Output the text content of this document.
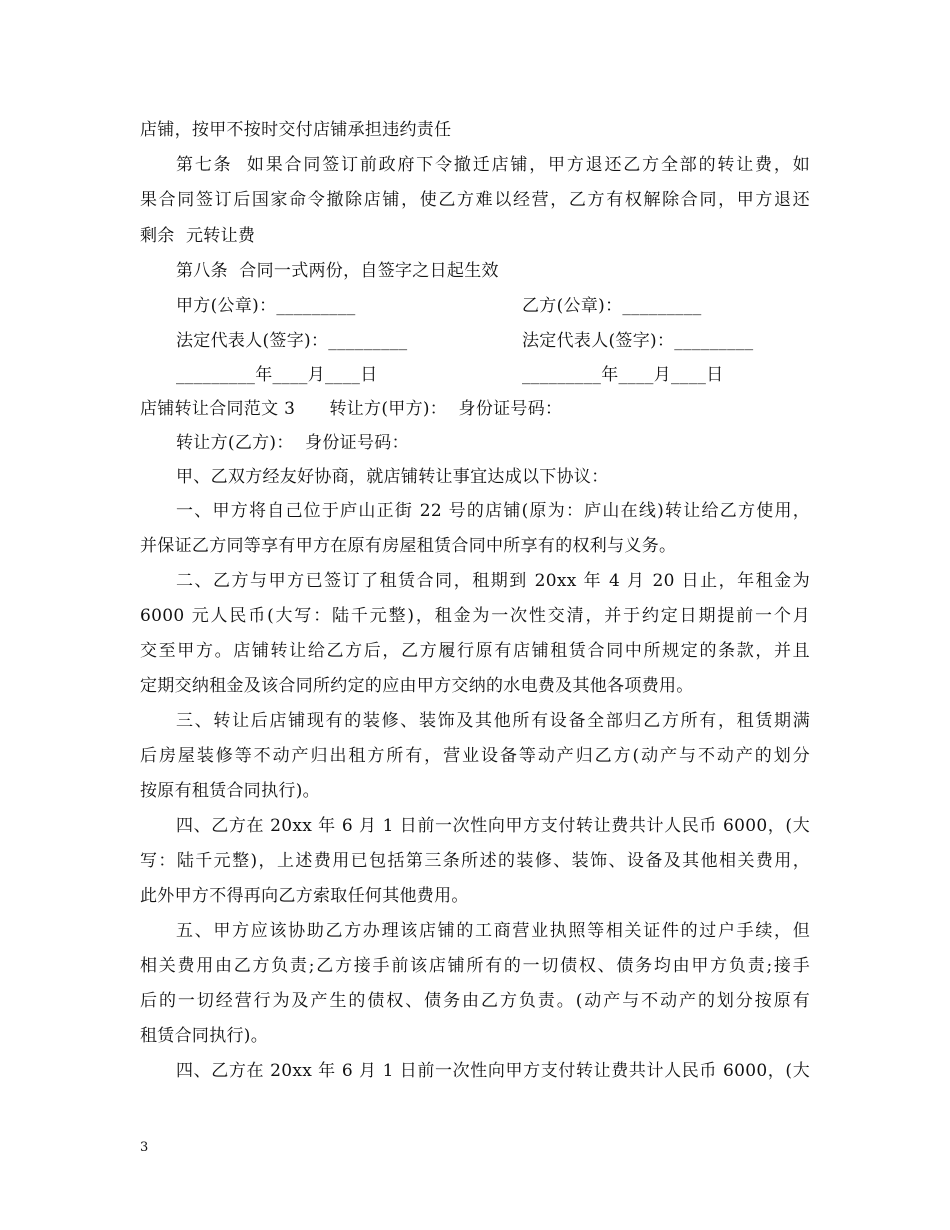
店铺，按甲不按时交付店铺承担违约责任
第七条  如果合同签订前政府下令撤迁店铺，甲方退还乙方全部的转让费，如
果合同签订后国家命令撤除店铺，使乙方难以经营，乙方有权解除合同，甲方退还
剩余  元转让费
第八条  合同一式两份，自签字之日起生效
甲方(公章)：_________	乙方(公章)：_________
法定代表人(签字)：_________	法定代表人(签字)：_________
_________年____月____日	_________年____月____日
店铺转让合同范文 3      转让方(甲方)：  身份证号码：
转让方(乙方)：  身份证号码：
甲、乙双方经友好协商，就店铺转让事宜达成以下协议：
一、甲方将自己位于庐山正街 22 号的店铺(原为：庐山在线)转让给乙方使用，
并保证乙方同等享有甲方在原有房屋租赁合同中所享有的权利与义务。
二、乙方与甲方已签订了租赁合同，租期到 20xx 年 4 月 20 日止，年租金为
6000 元人民币(大写：陆千元整)，租金为一次性交清，并于约定日期提前一个月
交至甲方。店铺转让给乙方后，乙方履行原有店铺租赁合同中所规定的条款，并且
定期交纳租金及该合同所约定的应由甲方交纳的水电费及其他各项费用。
三、转让后店铺现有的装修、装饰及其他所有设备全部归乙方所有，租赁期满
后房屋装修等不动产归出租方所有，营业设备等动产归乙方(动产与不动产的划分
按原有租赁合同执行)。
四、乙方在 20xx 年 6 月 1 日前一次性向甲方支付转让费共计人民币 6000，(大
写：陆千元整)，上述费用已包括第三条所述的装修、装饰、设备及其他相关费用，
此外甲方不得再向乙方索取任何其他费用。
五、甲方应该协助乙方办理该店铺的工商营业执照等相关证件的过户手续，但
相关费用由乙方负责;乙方接手前该店铺所有的一切债权、债务均由甲方负责;接手
后的一切经营行为及产生的债权、债务由乙方负责。(动产与不动产的划分按原有
租赁合同执行)。
四、乙方在 20xx 年 6 月 1 日前一次性向甲方支付转让费共计人民币 6000，(大
3
